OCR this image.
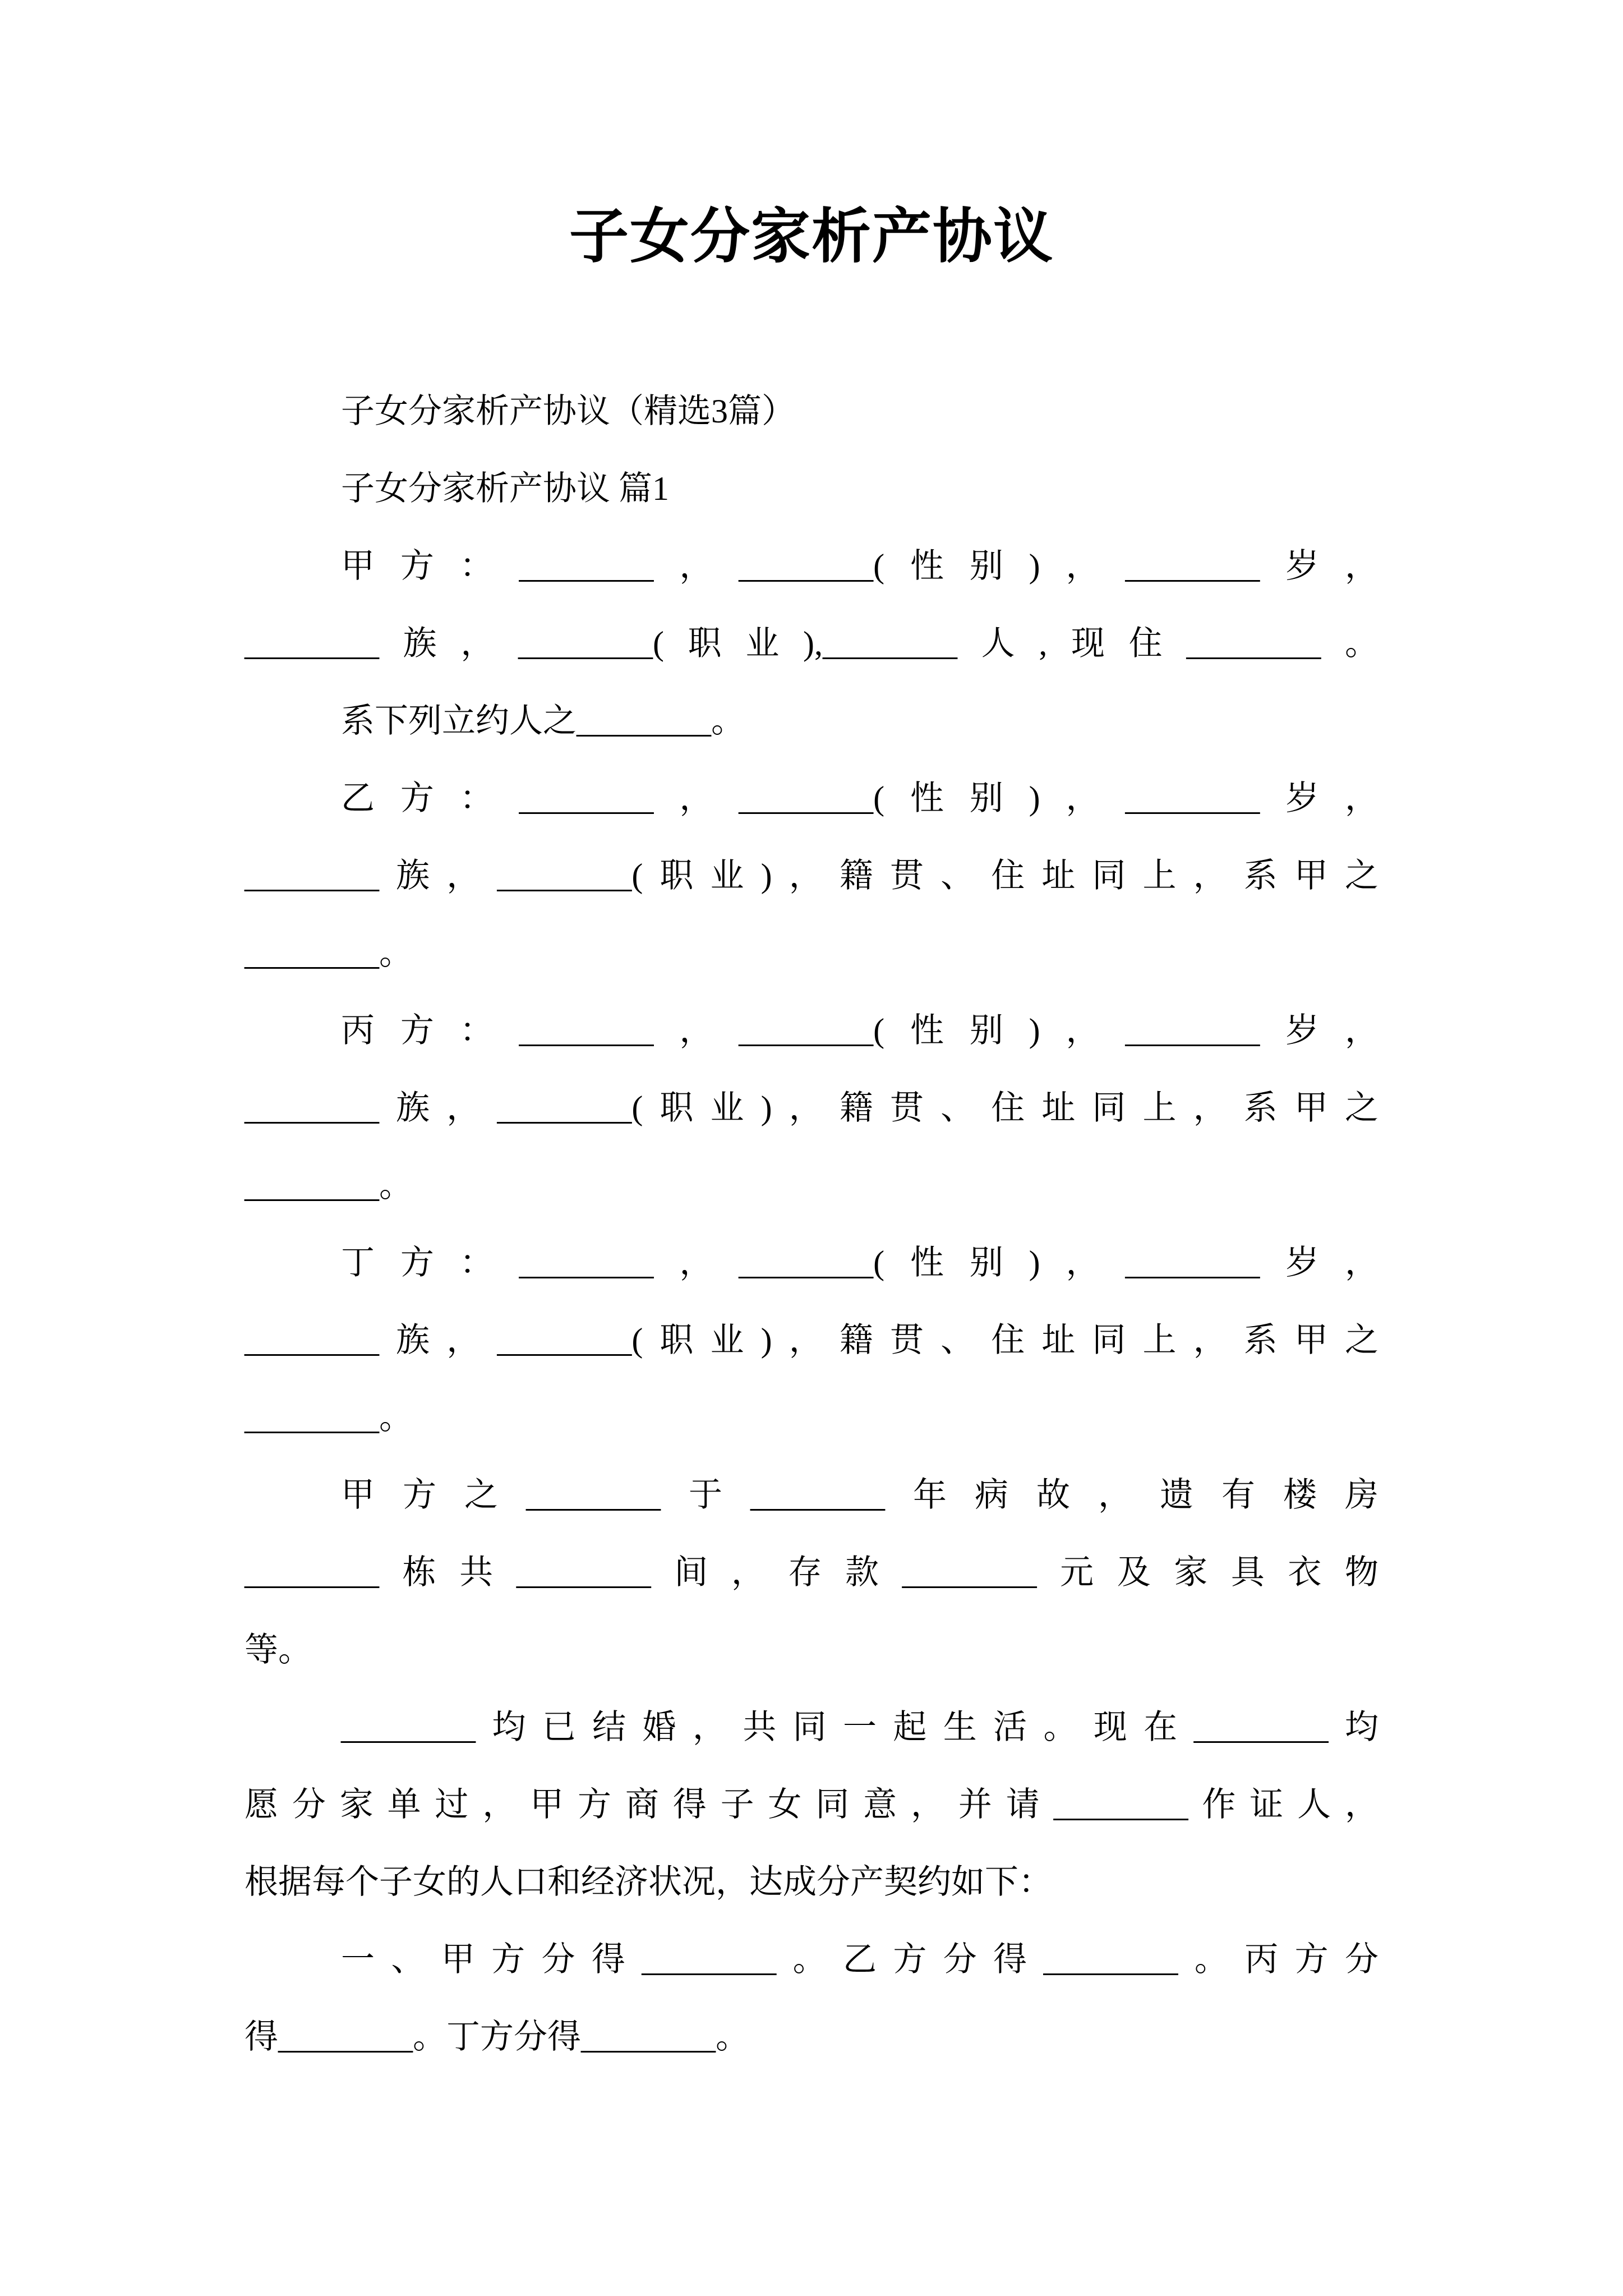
子女分家析产协议
子女分家析产协议（精选3篇）
子女分家析产协议 篇1
甲方：________，________(性别)，________岁，
________族，________(职业),________人,现住________。
系下列立约人之________。
乙方：________，________(性别)，________岁，
________族，________(职业)，籍贯、住址同上，系甲之
________。
丙方：________，________(性别)，________岁，
________族，________(职业)，籍贯、住址同上，系甲之
________。
丁方：________，________(性别)，________岁，
________族，________(职业)，籍贯、住址同上，系甲之
________。
甲方之________于________年病故，遗有楼房
________栋共________间，存款________元及家具衣物
等。
________均已结婚，共同一起生活。现在________均
愿分家单过，甲方商得子女同意，并请________作证人，
根据每个子女的人口和经济状况，达成分产契约如下：
一、甲方分得________。乙方分得________。丙方分
得________。丁方分得________。
